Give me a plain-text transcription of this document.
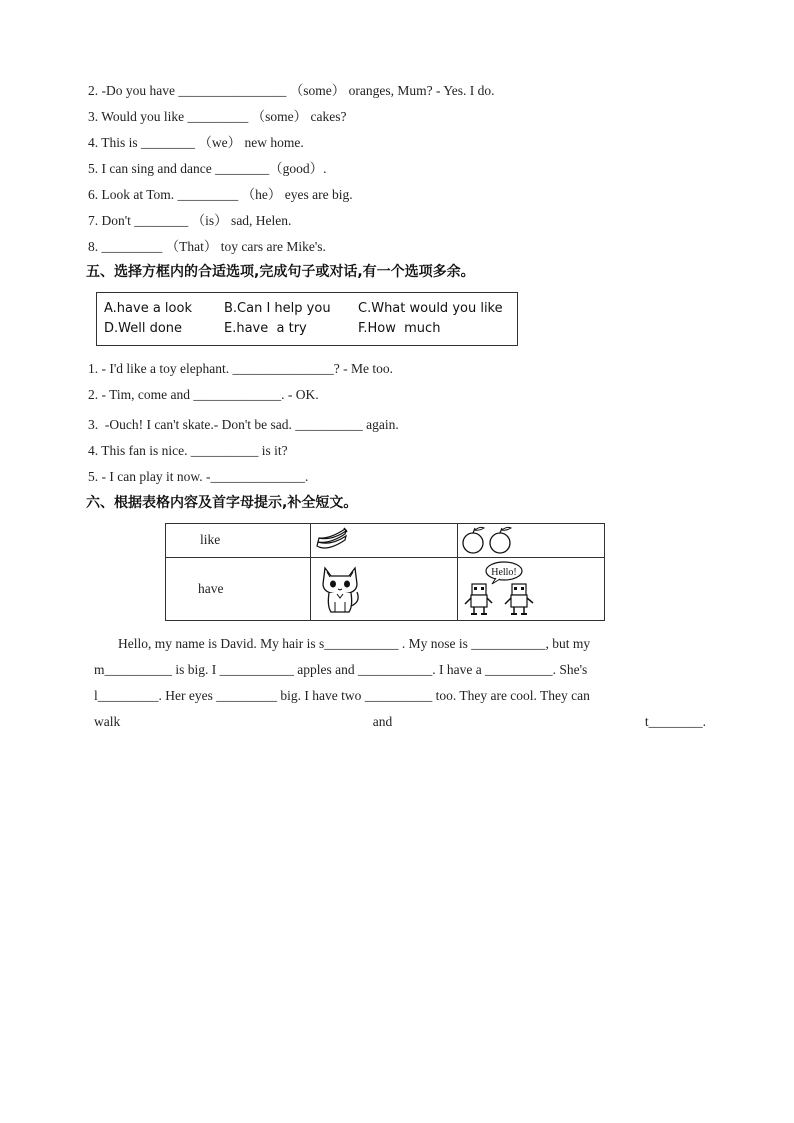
2. -Do you have ________________ （some） oranges, Mum? - Yes. I do.
3. Would you like _________ （some） cakes?
4. This is ________ （we） new home.
5. I can sing and dance ________（good）.
6. Look at Tom. _________ （he） eyes are big.
7. Don't ________ （is） sad, Helen.
8. _________ （That） toy cars are Mike's.
五、选择方框内的合适选项,完成句子或对话,有一个选项多余。
A.have a look B.Can I help you C.What would you like
D.Well done	E.have  a try	F.How  much
1. - I'd like a toy elephant. _______________? - Me too.
2. - Tim, come and _____________. - OK.
3.  -Ouch! I can't skate.- Don't be sad. __________ again.
4. This fan is nice. __________ is it?
5. - I can play it now. -______________.
六、根据表格内容及首字母提示,补全短文。
like

have		Hello!
Hello, my name is David. My hair is s___________ . My nose is ___________, but my
m__________ is big. I ___________ apples and ___________. I have a __________. She's
l_________. Her eyes _________ big. I have two __________ too. They are cool. They can
walk	and	t________.
